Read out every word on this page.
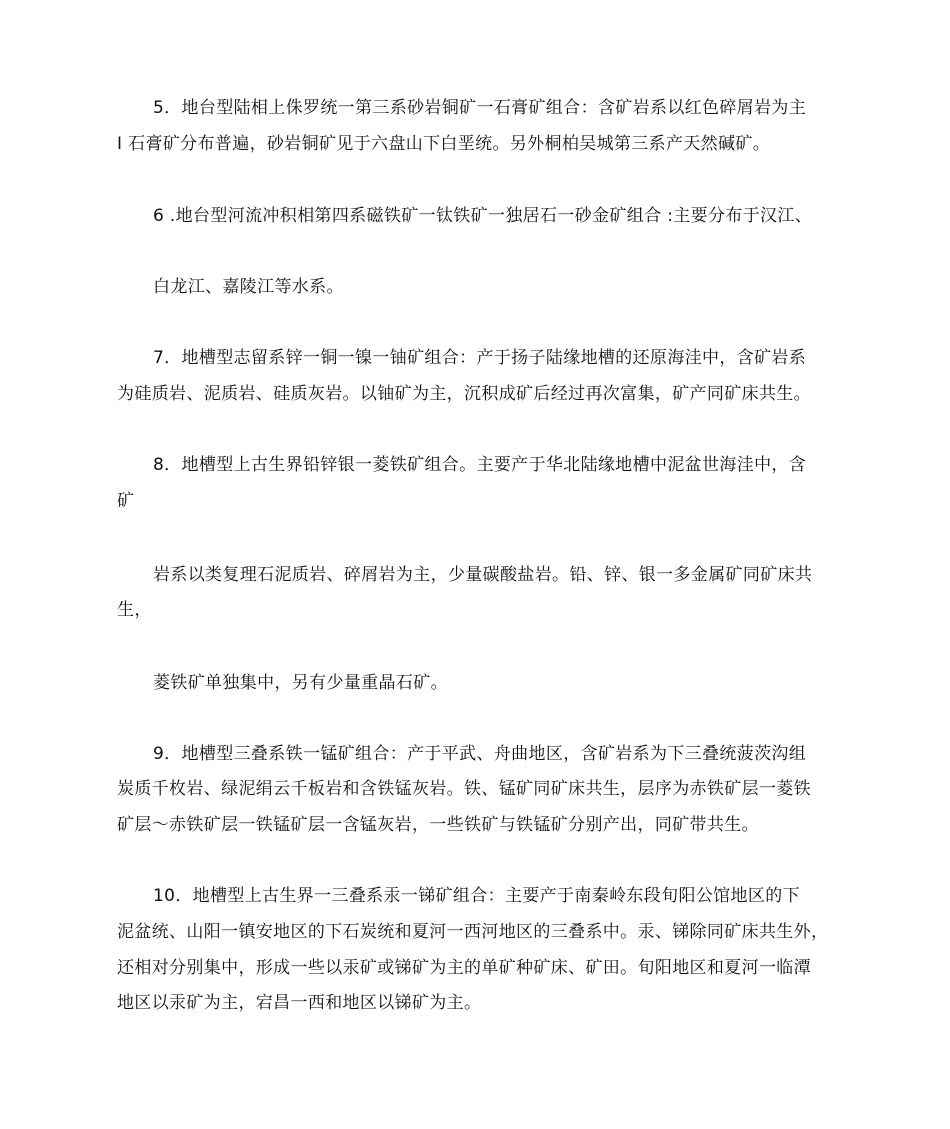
5．地台型陆相上侏罗统一第三系砂岩铜矿一石膏矿组合：含矿岩系以红色碎屑岩为主
I 石膏矿分布普遍，砂岩铜矿见于六盘山下白垩统。另外桐柏吴城第三系产天然碱矿。
6 .地台型河流冲积相第四系磁铁矿一钛铁矿一独居石一砂金矿组合 :主要分布于汉江、
白龙江、嘉陵江等水系。
7．地槽型志留系锌一铜一镍一铀矿组合：产于扬子陆缘地槽的还原海洼中，含矿岩系
为硅质岩、泥质岩、硅质灰岩。以铀矿为主，沉积成矿后经过再次富集，矿产同矿床共生。
8．地槽型上古生界铅锌银一菱铁矿组合。主要产于华北陆缘地槽中泥盆世海洼中，含
矿
岩系以类复理石泥质岩、碎屑岩为主，少量碳酸盐岩。铅、锌、银一多金属矿同矿床共
生，
菱铁矿单独集中，另有少量重晶石矿。
9．地槽型三叠系铁一锰矿组合：产于平武、舟曲地区，含矿岩系为下三叠统菠茨沟组
炭质千枚岩、绿泥绢云千板岩和含铁锰灰岩。铁、锰矿同矿床共生，层序为赤铁矿层一菱铁
矿层～赤铁矿层一铁锰矿层一含锰灰岩，一些铁矿与铁锰矿分别产出，同矿带共生。
10．地槽型上古生界一三叠系汞一锑矿组合：主要产于南秦岭东段旬阳公馆地区的下
泥盆统、山阳一镇安地区的下石炭统和夏河一西河地区的三叠系中。汞、锑除同矿床共生外，
还相对分别集中，形成一些以汞矿或锑矿为主的单矿种矿床、矿田。旬阳地区和夏河一临潭
地区以汞矿为主，宕昌一西和地区以锑矿为主。
